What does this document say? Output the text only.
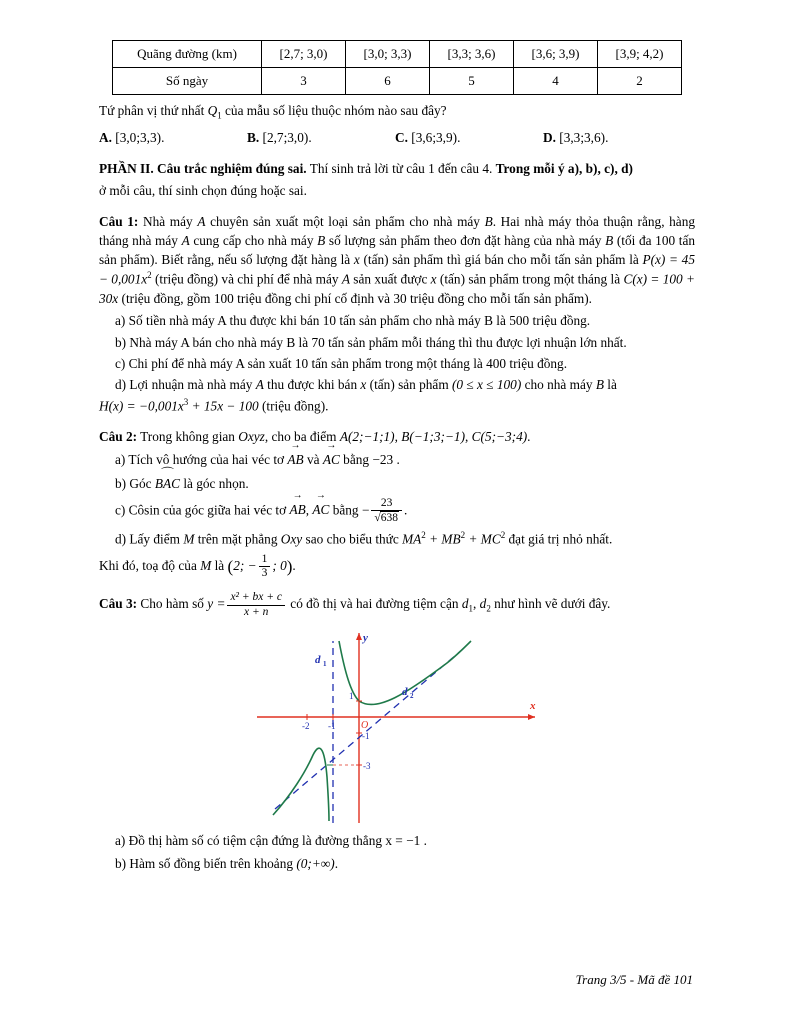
Quãng đường (km)	[2,7; 3,0)	[3,0; 3,3)	[3,3; 3,6)	[3,6; 3,9)	[3,9; 4,2)
Số ngày	3	6	5	4	2

Tứ phân vị thứ nhất $Q_1$ của mẫu số liệu thuộc nhóm nào sau đây?

A. [3,0;3,3).	B. [2,7;3,0).	C. [3,6;3,9).	D. [3,3;3,6).

PHẦN II. Câu trắc nghiệm đúng sai. Thí sinh trả lời từ câu 1 đến câu 4. Trong mỗi ý a), b), c), d)

ở mỗi câu, thí sinh chọn đúng hoặc sai.

Câu 1: Nhà máy A chuyên sản xuất một loại sản phẩm cho nhà máy B. Hai nhà máy thỏa thuận rằng, hàng tháng nhà máy A cung cấp cho nhà máy B số lượng sản phẩm theo đơn đặt hàng của nhà máy B (tối đa 100 tấn sản phẩm). Biết rằng, nếu số lượng đặt hàng là x (tấn) sản phẩm thì giá bán cho mỗi tấn sản phẩm là $P(x) = 45 - 0,001x^2$ (triệu đồng) và chi phí để nhà máy A sản xuất được x (tấn) sản phẩm trong một tháng là C(x) = 100 + 30x (triệu đồng, gồm 100 triệu đồng chi phí cố định và 30 triệu đồng cho mỗi tấn sản phẩm).

a) Số tiền nhà máy A thu được khi bán 10 tấn sản phẩm cho nhà máy B là 500 triệu đồng.

b) Nhà máy A bán cho nhà máy B là 70 tấn sản phẩm mỗi tháng thì thu được lợi nhuận lớn nhất.

c) Chi phí để nhà máy A sản xuất 10 tấn sản phẩm trong một tháng là 400 triệu đồng.

d) Lợi nhuận mà nhà máy A thu được khi bán x (tấn) sản phẩm (0 ≤ x ≤ 100) cho nhà máy B là

$H(x) = -0,001x^3 + 15x - 100$ (triệu đồng).

Câu 2: Trong không gian Oxyz, cho ba điểm A(2;−1;1), B(−1;3;−1), C(5;−3;4).

a) Tích vô hướng của hai véc tơ → AB và → AC bằng −23 .

b) Góc ⌒ BAC là góc nhọn.

c) Côsin của góc giữa hai véc tơ → AB, → AC bằng − $\frac{23}{√638}$ .

d) Lấy điểm M trên mặt phẳng Oxy sao cho biểu thức $MA^2 + MB^2 + MC^2$ đạt giá trị nhỏ nhất.

Khi đó, toạ độ của M là (2; − $\frac{1}{3}$ ; 0).

Câu 3: Cho hàm số $y = \frac{\text{x² + bx + c}}{x + n}$ có đồ thị và hai đường tiệm cận $d_1$, $d_2$ như hình vẽ dưới đây.

x
y
O
-2 -1
1
-1
-3
d 1
d 2

a) Đồ thị hàm số có tiệm cận đứng là đường thẳng x = −1 .

b) Hàm số đồng biến trên khoảng (0;+∞).

Trang 3/5 - Mã đề 101
